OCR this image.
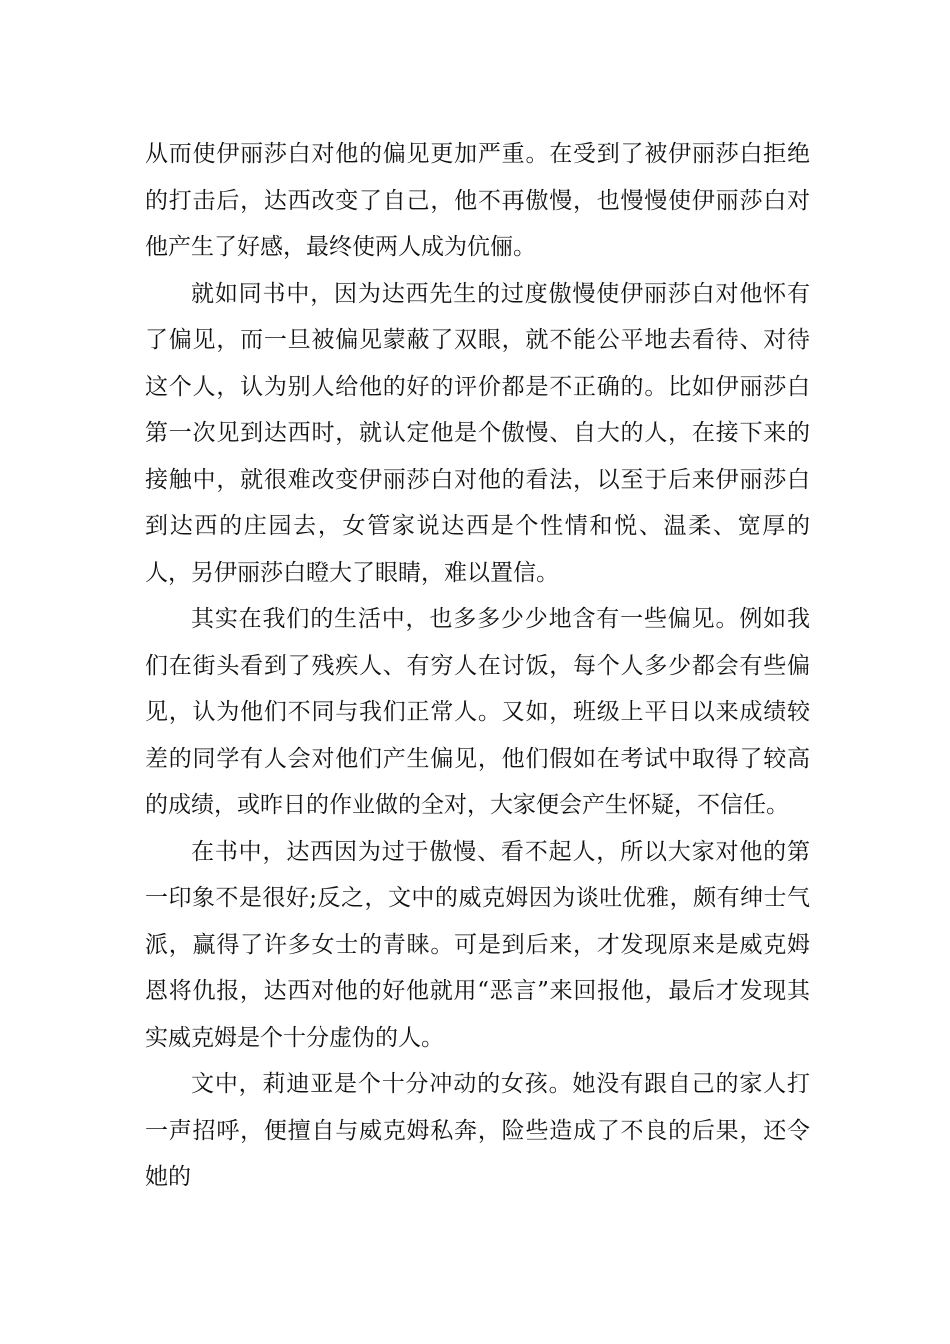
从而使伊丽莎白对他的偏见更加严重。在受到了被伊丽莎白拒绝的打击后，达西改变了自己，他不再傲慢，也慢慢使伊丽莎白对他产生了好感，最终使两人成为伉俪。

就如同书中，因为达西先生的过度傲慢使伊丽莎白对他怀有了偏见，而一旦被偏见蒙蔽了双眼，就不能公平地去看待、对待这个人，认为别人给他的好的评价都是不正确的。比如伊丽莎白第一次见到达西时，就认定他是个傲慢、自大的人，在接下来的接触中，就很难改变伊丽莎白对他的看法，以至于后来伊丽莎白到达西的庄园去，女管家说达西是个性情和悦、温柔、宽厚的人，另伊丽莎白瞪大了眼睛，难以置信。

其实在我们的生活中，也多多少少地含有一些偏见。例如我们在街头看到了残疾人、有穷人在讨饭，每个人多少都会有些偏见，认为他们不同与我们正常人。又如，班级上平日以来成绩较差的同学有人会对他们产生偏见，他们假如在考试中取得了较高的成绩，或昨日的作业做的全对，大家便会产生怀疑，不信任。

在书中，达西因为过于傲慢、看不起人，所以大家对他的第一印象不是很好;反之，文中的威克姆因为谈吐优雅，颇有绅士气派，赢得了许多女士的青睐。可是到后来，才发现原来是威克姆恩将仇报，达西对他的好他就用“恶言”来回报他，最后才发现其实威克姆是个十分虚伪的人。

文中，莉迪亚是个十分冲动的女孩。她没有跟自己的家人打一声招呼，便擅自与威克姆私奔，险些造成了不良的后果，还令她的
